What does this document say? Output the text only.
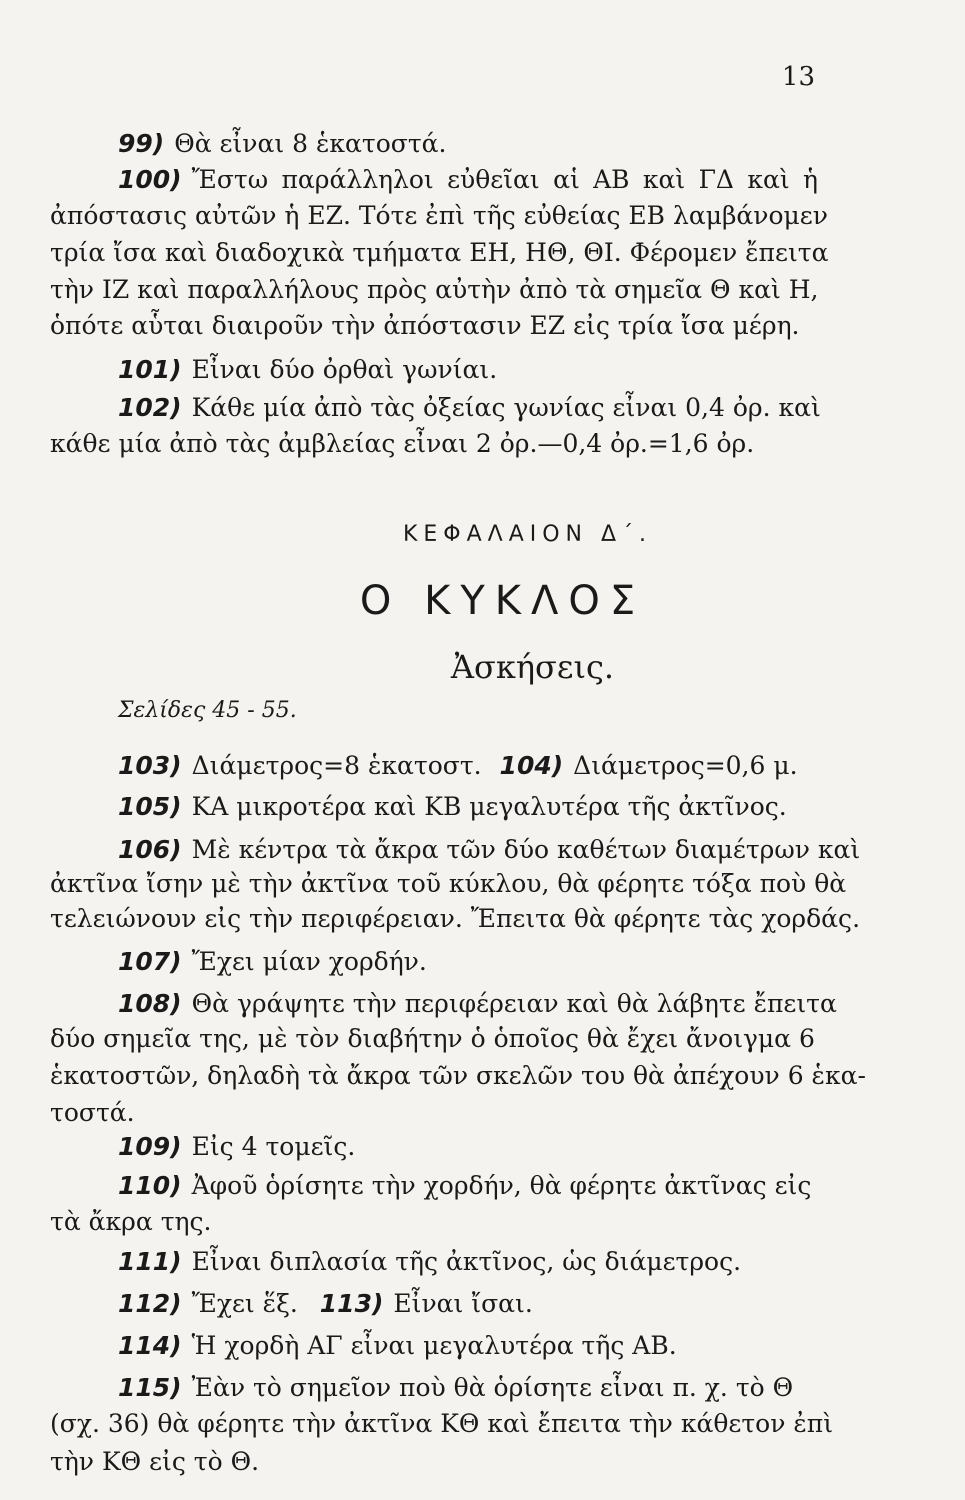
13
99) Θὰ εἶναι 8 ἑκατοστά.
100) Ἔστω παράλληλοι εὐθεῖαι αἱ ΑΒ καὶ ΓΔ καὶ ἡ
ἀπόστασις αὐτῶν ἡ ΕΖ. Τότε ἐπὶ τῆς εὐθείας ΕΒ λαμβάνομεν
τρία ἴσα καὶ διαδοχικὰ τμήματα ΕΗ, ΗΘ, ΘΙ. Φέρομεν ἔπειτα
τὴν ΙΖ καὶ παραλλήλους πρὸς αὐτὴν ἀπὸ τὰ σημεῖα Θ καὶ Η,
ὁπότε αὗται διαιροῦν τὴν ἀπόστασιν ΕΖ εἰς τρία ἴσα μέρη.
101) Εἶναι δύο ὀρθαὶ γωνίαι.
102) Κάθε μία ἀπὸ τὰς ὀξείας γωνίας εἶναι 0,4 ὀρ. καὶ
κάθε μία ἀπὸ τὰς ἀμβλείας εἶναι 2 ὀρ.—0,4 ὀρ.=1,6 ὀρ.
ΚΕΦΑΛΑΙΟΝ Δ΄.
Ο ΚΥΚΛΟΣ
Ἀσκήσεις.
Σελίδες 45 - 55.
103) Διάμετρος=8 ἑκατοστ. 104) Διάμετρος=0,6 μ.
105) ΚΑ μικροτέρα καὶ ΚΒ μεγαλυτέρα τῆς ἀκτῖνος.
106) Μὲ κέντρα τὰ ἄκρα τῶν δύο καθέτων διαμέτρων καὶ
ἀκτῖνα ἴσην μὲ τὴν ἀκτῖνα τοῦ κύκλου, θὰ φέρητε τόξα ποὺ θὰ
τελειώνουν εἰς τὴν περιφέρειαν. Ἔπειτα θὰ φέρητε τὰς χορδάς.
107) Ἔχει μίαν χορδήν.
108) Θὰ γράψητε τὴν περιφέρειαν καὶ θὰ λάβητε ἔπειτα
δύο σημεῖα της, μὲ τὸν διαβήτην ὁ ὁποῖος θὰ ἔχει ἄνοιγμα 6
ἑκατοστῶν, δηλαδὴ τὰ ἄκρα τῶν σκελῶν του θὰ ἀπέχουν 6 ἑκα-
τοστά.
109) Εἰς 4 τομεῖς.
110) Ἀφοῦ ὁρίσητε τὴν χορδήν, θὰ φέρητε ἀκτῖνας εἰς
τὰ ἄκρα της.
111) Εἶναι διπλασία τῆς ἀκτῖνος, ὡς διάμετρος.
112) Ἔχει ἕξ. 113) Εἶναι ἴσαι.
114) Ἡ χορδὴ ΑΓ εἶναι μεγαλυτέρα τῆς ΑΒ.
115) Ἐὰν τὸ σημεῖον ποὺ θὰ ὁρίσητε εἶναι π. χ. τὸ Θ
(σχ. 36) θὰ φέρητε τὴν ἀκτῖνα ΚΘ καὶ ἔπειτα τὴν κάθετον ἐπὶ
τὴν ΚΘ εἰς τὸ Θ.
